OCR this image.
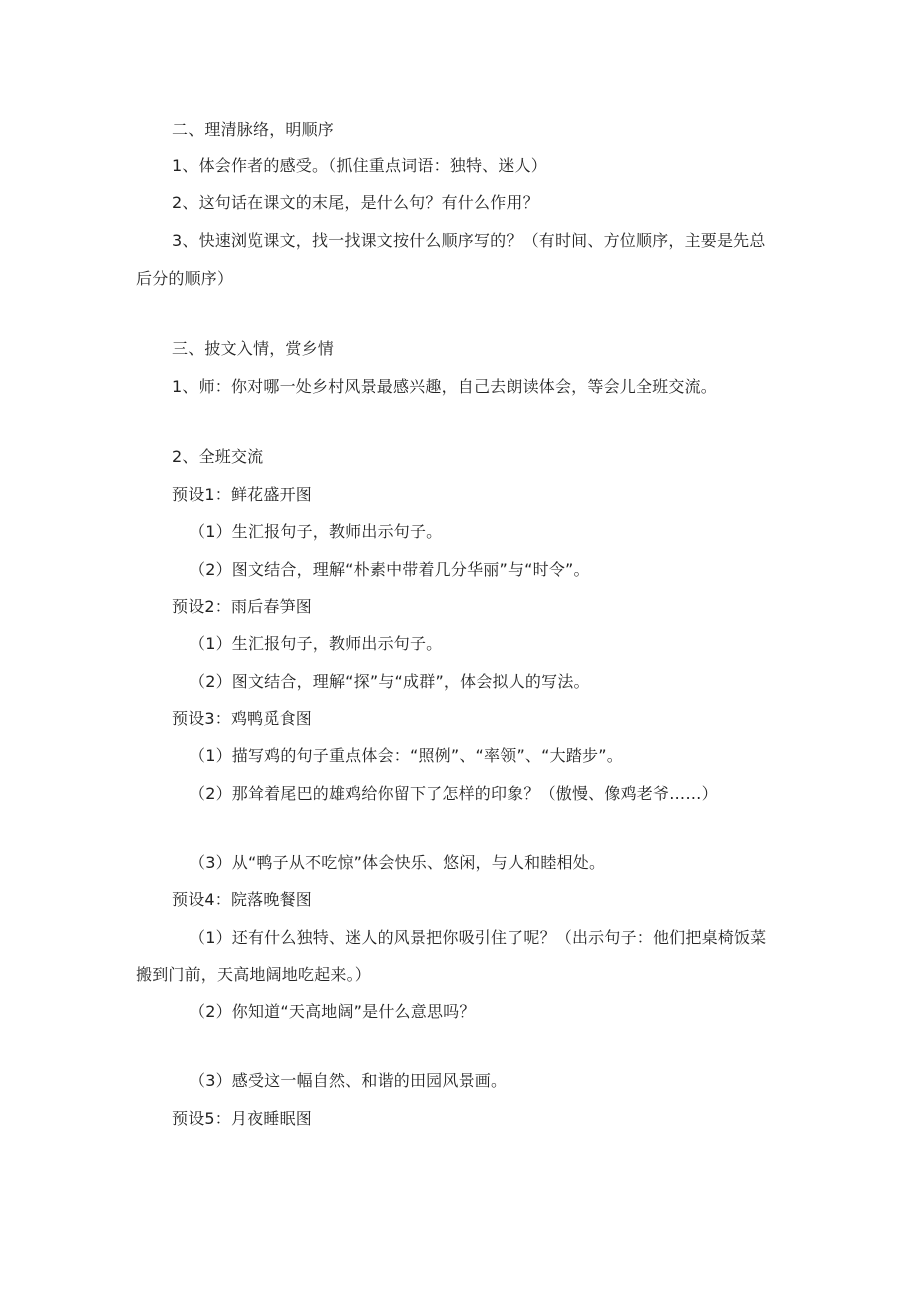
二、理清脉络，明顺序
1、体会作者的感受。（抓住重点词语：独特、迷人）
2、这句话在课文的末尾，是什么句？有什么作用？
3、快速浏览课文，找一找课文按什么顺序写的？（有时间、方位顺序，主要是先总
后分的顺序）
三、披文入情，赏乡情
1、师：你对哪一处乡村风景最感兴趣，自己去朗读体会，等会儿全班交流。
2、全班交流
预设1：鲜花盛开图
（1）生汇报句子，教师出示句子。
（2）图文结合，理解“朴素中带着几分华丽”与“时令”。
预设2：雨后春笋图
（1）生汇报句子，教师出示句子。
（2）图文结合，理解“探”与“成群”，体会拟人的写法。
预设3：鸡鸭觅食图
（1）描写鸡的句子重点体会：“照例”、“率领”、“大踏步”。
（2）那耸着尾巴的雄鸡给你留下了怎样的印象？（傲慢、像鸡老爷……）
（3）从“鸭子从不吃惊”体会快乐、悠闲，与人和睦相处。
预设4：院落晚餐图
（1）还有什么独特、迷人的风景把你吸引住了呢？（出示句子：他们把桌椅饭菜
搬到门前，天高地阔地吃起来。）
（2）你知道“天高地阔”是什么意思吗？
（3）感受这一幅自然、和谐的田园风景画。
预设5：月夜睡眠图
